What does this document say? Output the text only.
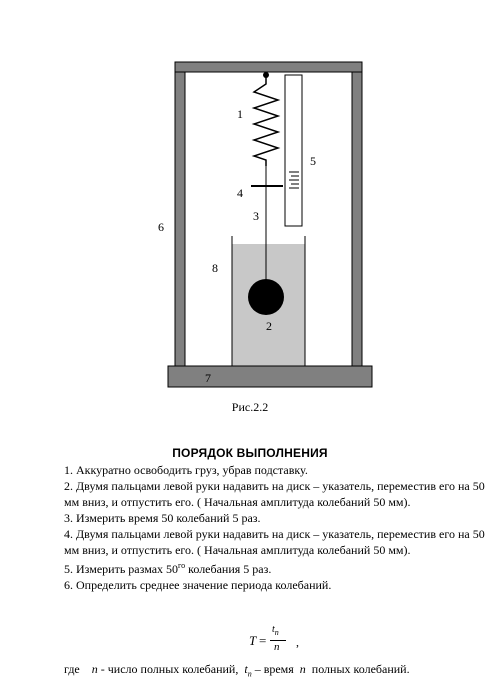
1
5
4
3
6
8
2
7
Рис.2.2
ПОРЯДОК ВЫПОЛНЕНИЯ
1. Аккуратно освободить груз, убрав подставку.
2. Двумя пальцами левой руки надавить на диск – указатель, переместив его на 50 мм вниз, и отпустить его. ( Начальная амплитуда колебаний 50 мм).
3. Измерить время 50 колебаний 5 раз.
4. Двумя пальцами левой руки надавить на диск – указатель, переместив его на 50 мм вниз, и отпустить его. ( Начальная амплитуда колебаний 50 мм).
5. Измерить размах $50^{го}$ колебания 5 раз.
6. Определить среднее значение периода колебаний.
T =
$t_n$
n ,
где    n - число полных колебаний,  $t_n$ – время  n  полных колебаний.
